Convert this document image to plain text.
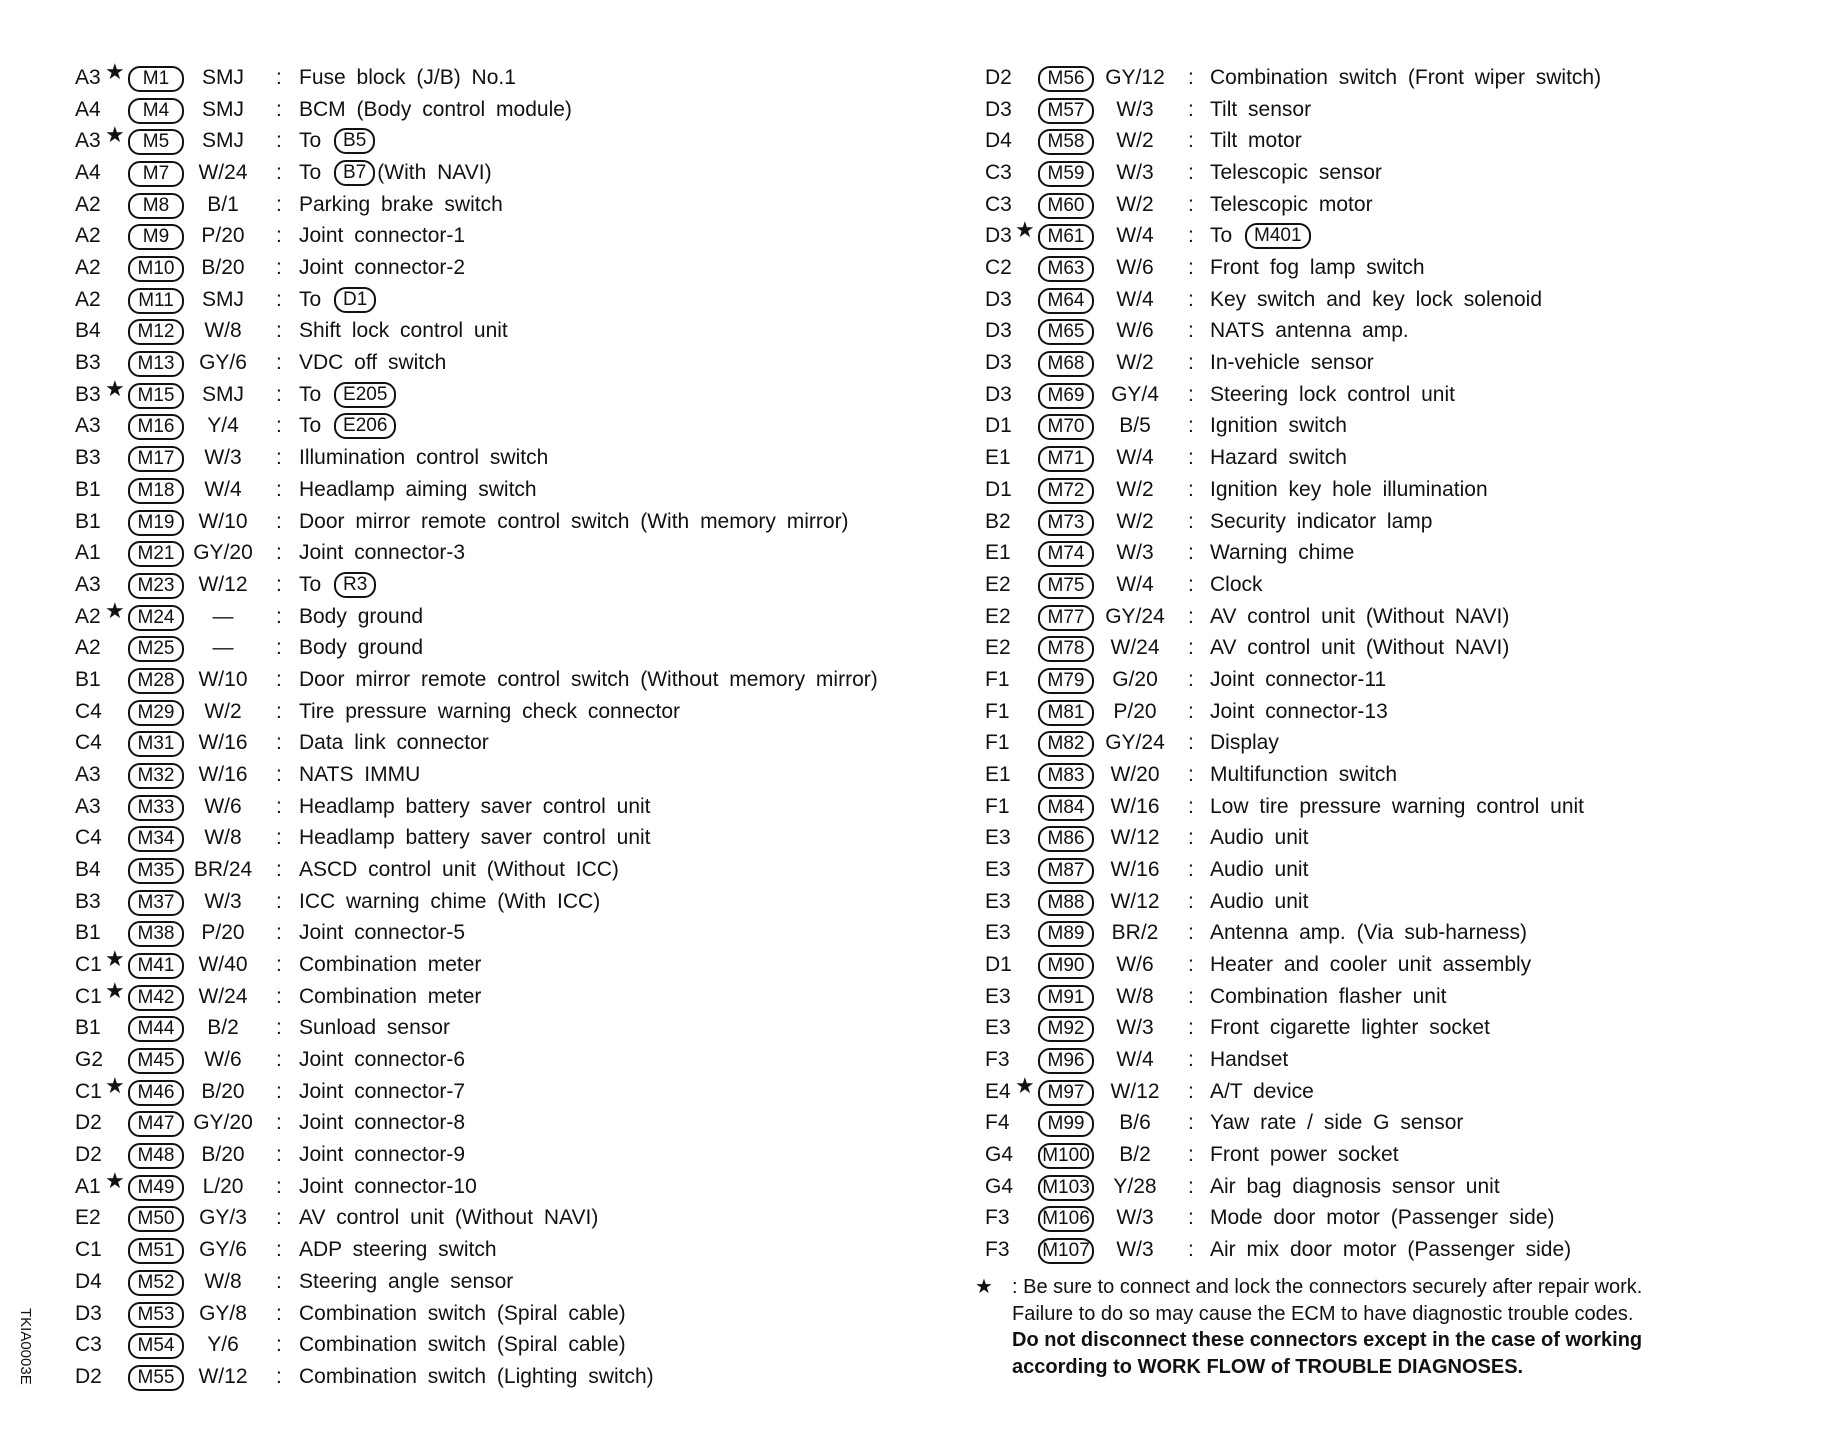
A3 ★ M1	SMJ	: Fuse block (J/B) No.1
A4	M4	SMJ	: BCM (Body control module)
A3 ★ M5	SMJ	: To B5
A4	M7	W/24	: To B7 (With NAVI)
A2	M8	B/1	: Parking brake switch
A2	M9	P/20	: Joint connector-1
A2	M10	B/20	: Joint connector-2
A2	M11	SMJ	: To D1
B4	M12	W/8	: Shift lock control unit
B3	M13	GY/6	: VDC off switch
B3 ★ M15	SMJ	: To E205
A3	M16	Y/4	: To E206
B3	M17	W/3	: Illumination control switch
B1	M18	W/4	: Headlamp aiming switch
B1	M19	W/10	: Door mirror remote control switch (With memory mirror)
A1	M21 GY/20	: Joint connector-3
A3	M23	W/12	: To R3
A2 ★ M24	—	: Body ground
A2	M25	—	: Body ground
B1	M28	W/10	: Door mirror remote control switch (Without memory mirror)
C4	M29	W/2	: Tire pressure warning check connector
C4	M31	W/16	: Data link connector
A3	M32	W/16	: NATS IMMU
A3	M33	W/6	: Headlamp battery saver control unit
C4	M34	W/8	: Headlamp battery saver control unit
B4	M35 BR/24	: ASCD control unit (Without ICC)
B3	M37	W/3	: ICC warning chime (With ICC)
B1	M38	P/20	: Joint connector-5
C1 ★ M41	W/40	: Combination meter
C1 ★ M42	W/24	: Combination meter
B1	M44	B/2	: Sunload sensor
G2	M45	W/6	: Joint connector-6
C1 ★ M46	B/20	: Joint connector-7
D2	M47 GY/20	: Joint connector-8
D2	M48	B/20	: Joint connector-9
A1 ★ M49	L/20	: Joint connector-10
E2	M50	GY/3	: AV control unit (Without NAVI)
C1	M51	GY/6	: ADP steering switch
D4	M52	W/8	: Steering angle sensor
D3	M53	GY/8	: Combination switch (Spiral cable)
C3	M54	Y/6	: Combination switch (Spiral cable)
D2	M55	W/12	: Combination switch (Lighting switch)
D2	M56 GY/12	: Combination switch (Front wiper switch)
D3	M57	W/3	: Tilt sensor
D4	M58	W/2	: Tilt motor
C3	M59	W/3	: Telescopic sensor
C3	M60	W/2	: Telescopic motor
D3 ★ M61	W/4	: To M401
C2	M63	W/6	: Front fog lamp switch
D3	M64	W/4	: Key switch and key lock solenoid
D3	M65	W/6	: NATS antenna amp.
D3	M68	W/2	: In-vehicle sensor
D3	M69	GY/4	: Steering lock control unit
D1	M70	B/5	: Ignition switch
E1	M71	W/4	: Hazard switch
D1	M72	W/2	: Ignition key hole illumination
B2	M73	W/2	: Security indicator lamp
E1	M74	W/3	: Warning chime
E2	M75	W/4	: Clock
E2	M77 GY/24	: AV control unit (Without NAVI)
E2	M78	W/24	: AV control unit (Without NAVI)
F1	M79	G/20	: Joint connector-11
F1	M81	P/20	: Joint connector-13
F1	M82 GY/24	: Display
E1	M83	W/20	: Multifunction switch
F1	M84	W/16	: Low tire pressure warning control unit
E3	M86	W/12	: Audio unit
E3	M87	W/16	: Audio unit
E3	M88	W/12	: Audio unit
E3	M89	BR/2	: Antenna amp. (Via sub-harness)
D1	M90	W/6	: Heater and cooler unit assembly
E3	M91	W/8	: Combination flasher unit
E3	M92	W/3	: Front cigarette lighter socket
F3	M96	W/4	: Handset
E4 ★ M97	W/12	: A/T device
F4	M99	B/6	: Yaw rate / side G sensor
G4 M100	B/2	: Front power socket
G4 M103	Y/28	: Air bag diagnosis sensor unit
F3 M106	W/3	: Mode door motor (Passenger side)
F3 M107	W/3	: Air mix door motor (Passenger side)
★ : Be sure to connect and lock the connectors securely after repair work.

Failure to do so may cause the ECM to have diagnostic trouble codes.

Do not disconnect these connectors except in the case of working

according to WORK FLOW of TROUBLE DIAGNOSES.

TKIA0003E
